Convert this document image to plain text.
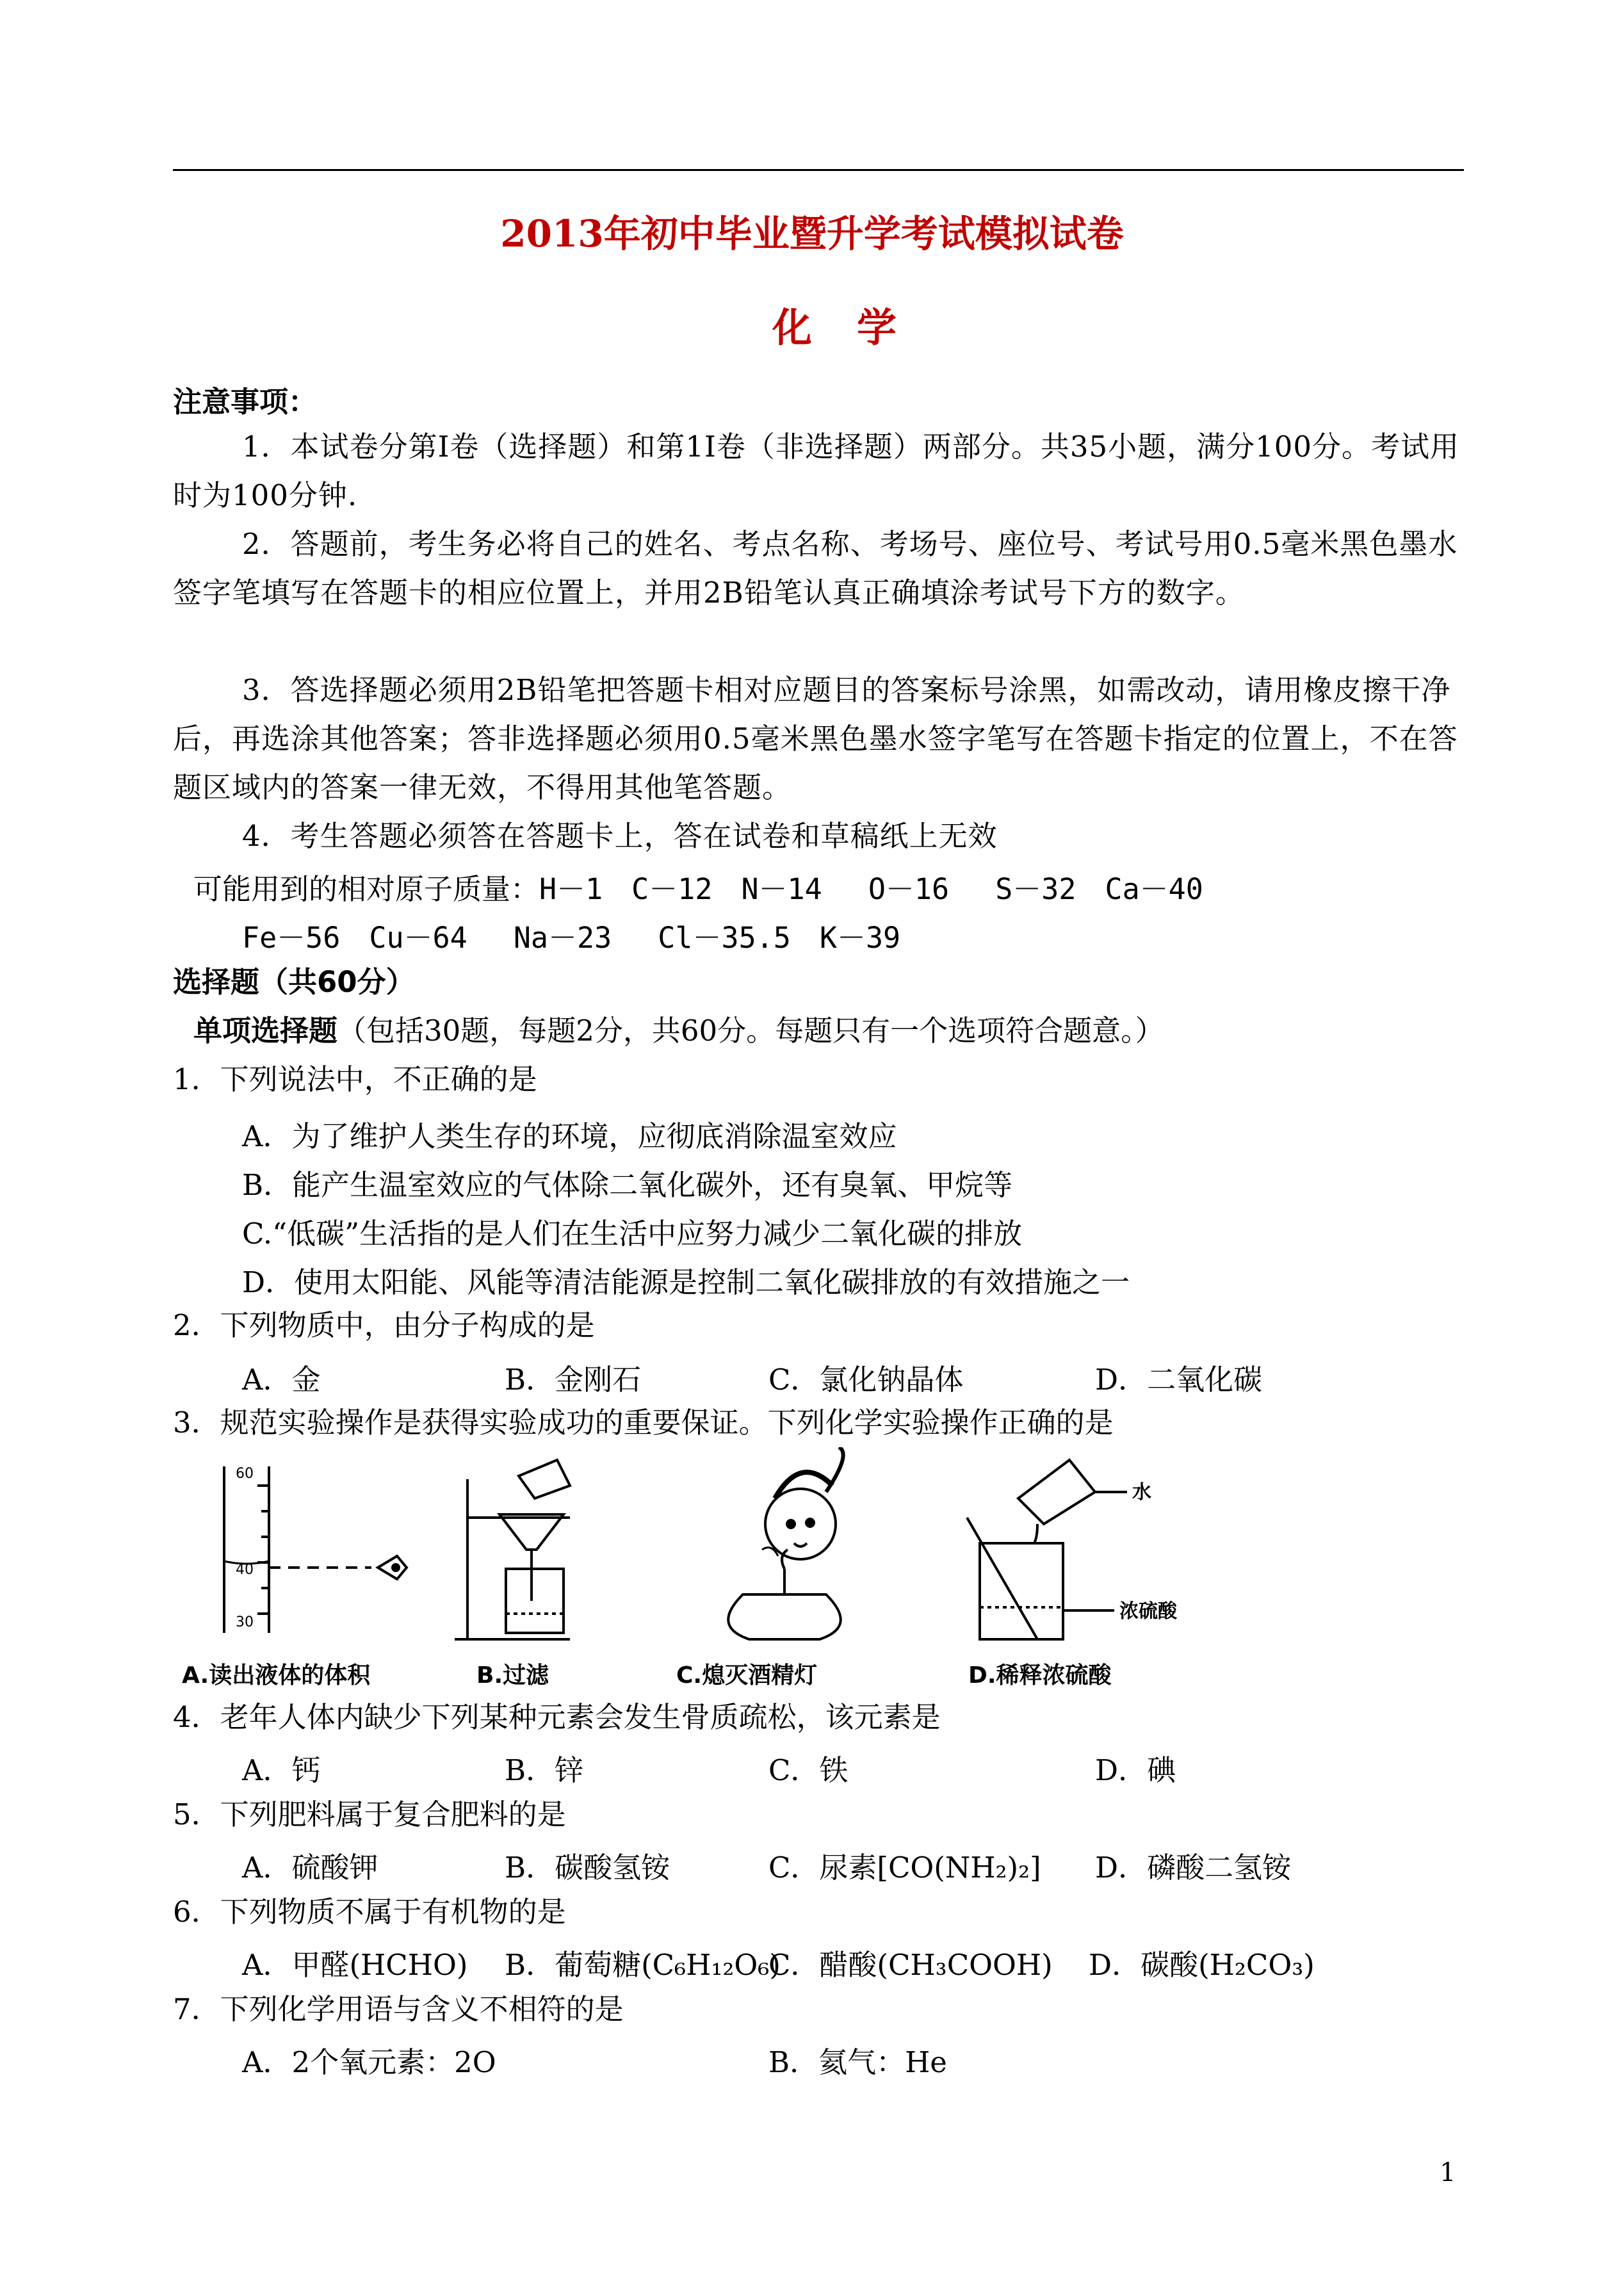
2013年初中毕业暨升学考试模拟试卷
化学
注意事项：
1．本试卷分第Ⅰ卷（选择题）和第1I卷（非选择题）两部分。共35小题，满分100分。考试用时为100分钟.
2．答题前，考生务必将自己的姓名、考点名称、考场号、座位号、考试号用0.5毫米黑色墨水签字笔填写在答题卡的相应位置上，并用2B铅笔认真正确填涂考试号下方的数字。
3．答选择题必须用2B铅笔把答题卡相对应题目的答案标号涂黑，如需改动，请用橡皮擦干净后，再选涂其他答案；答非选择题必须用0.5毫米黑色墨水签字笔写在答题卡指定的位置上，不在答题区域内的答案一律无效，不得用其他笔答题。
4．考生答题必须答在答题卡上，答在试卷和草稿纸上无效
可能用到的相对原子质量：H－1　C－12　N－14　 O－16　 S－32　Ca－40
Fe－56　Cu－64　 Na－23　 Cl－35.5　K－39
选择题（共60分）
单项选择题（包括30题，每题2分，共60分。每题只有一个选项符合题意。）
1．下列说法中，不正确的是
A．为了维护人类生存的环境，应彻底消除温室效应
B．能产生温室效应的气体除二氧化碳外，还有臭氧、甲烷等
C.“低碳”生活指的是人们在生活中应努力减少二氧化碳的排放
D．使用太阳能、风能等清洁能源是控制二氧化碳排放的有效措施之一
2．下列物质中，由分子构成的是
A．金	B．金刚石	C．氯化钠晶体	D．二氧化碳
3．规范实验操作是获得实验成功的重要保证。下列化学实验操作正确的是
60
40
30
水
浓硫酸
A.读出液体的体积	B.过滤	C.熄灭酒精灯	D.稀释浓硫酸
4．老年人体内缺少下列某种元素会发生骨质疏松，该元素是
A．钙	B．锌	C．铁	D．碘
5．下列肥料属于复合肥料的是
A．硫酸钾	B．碳酸氢铵	C．尿素[CO(NH₂)₂] D．磷酸二氢铵
6．下列物质不属于有机物的是
A．甲醛(HCHO) B．葡萄糖(C₆H₁₂O₆)
C．醋酸(CH₃COOH) D．碳酸(H₂CO₃)
7．下列化学用语与含义不相符的是
A．2个氧元素：2O	B．氦气：He
1
